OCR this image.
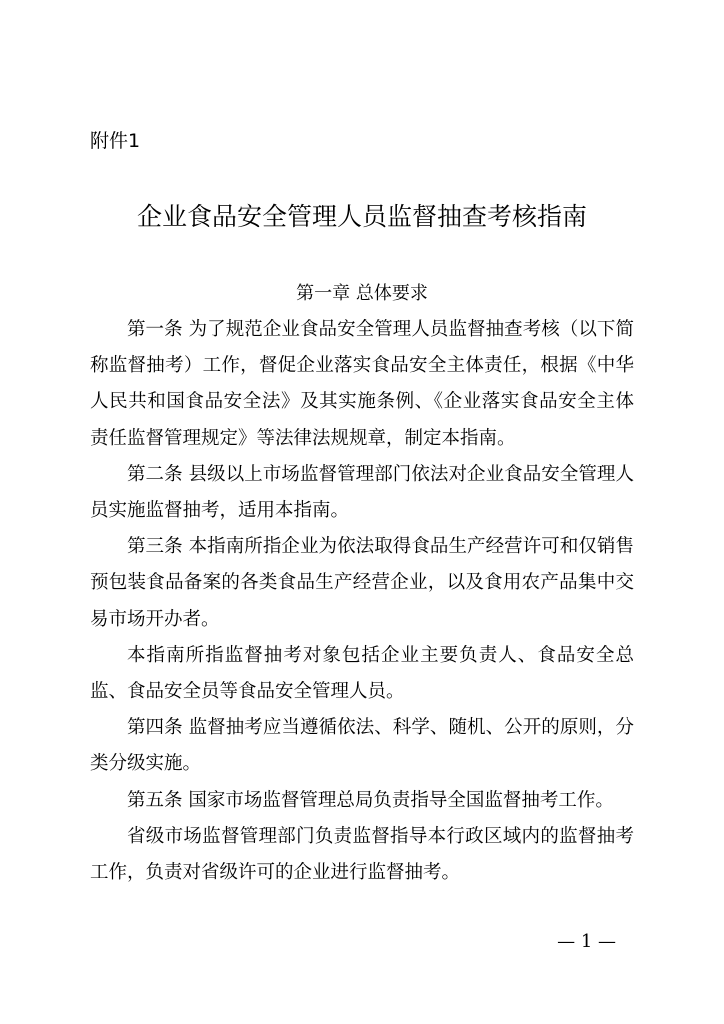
附件1
企业食品安全管理人员监督抽查考核指南
第一章 总体要求

第一条 为了规范企业食品安全管理人员监督抽查考核（以下简称监督抽考）工作，督促企业落实食品安全主体责任，根据《中华人民共和国食品安全法》及其实施条例、《企业落实食品安全主体责任监督管理规定》等法律法规规章，制定本指南。

第二条 县级以上市场监督管理部门依法对企业食品安全管理人员实施监督抽考，适用本指南。

第三条 本指南所指企业为依法取得食品生产经营许可和仅销售预包装食品备案的各类食品生产经营企业，以及食用农产品集中交易市场开办者。

本指南所指监督抽考对象包括企业主要负责人、食品安全总监、食品安全员等食品安全管理人员。

第四条 监督抽考应当遵循依法、科学、随机、公开的原则，分类分级实施。

第五条 国家市场监督管理总局负责指导全国监督抽考工作。

省级市场监督管理部门负责监督指导本行政区域内的监督抽考工作，负责对省级许可的企业进行监督抽考。

— 1 —
